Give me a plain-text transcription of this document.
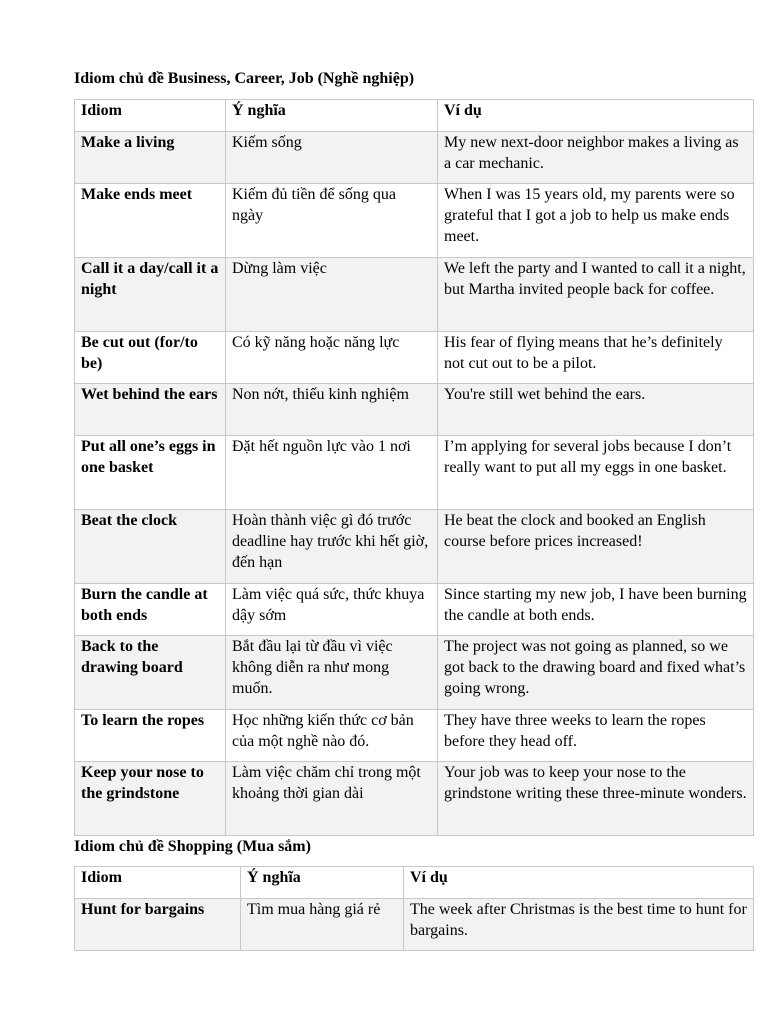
Idiom chủ đề Business, Career, Job (Nghề nghiệp)
Idiom	Ý nghĩa	Ví dụ
Make a living	Kiếm sống	My new next-door neighbor makes a living as a car mechanic.
Make ends meet	Kiếm đủ tiền để sống qua ngày	When I was 15 years old, my parents were so grateful that I got a job to help us make ends meet.
Call it a day/call it a night	Dừng làm việc	We left the party and I wanted to call it a night, but Martha invited people back for coffee.
Be cut out (for/to be)	Có kỹ năng hoặc năng lực	His fear of flying means that he’s definitely not cut out to be a pilot.
Wet behind the ears	Non nớt, thiếu kinh nghiệm	You're still wet behind the ears.
Put all one’s eggs in one basket	Đặt hết nguồn lực vào 1 nơi	I’m applying for several jobs because I don’t really want to put all my eggs in one basket.
Beat the clock	Hoàn thành việc gì đó trước deadline hay trước khi hết giờ, đến hạn	He beat the clock and booked an English course before prices increased!
Burn the candle at both ends	Làm việc quá sức, thức khuya dậy sớm	Since starting my new job, I have been burning the candle at both ends.
Back to the drawing board	Bắt đầu lại từ đầu vì việc không diễn ra như mong muốn.	The project was not going as planned, so we got back to the drawing board and fixed what’s going wrong.
To learn the ropes	Học những kiến thức cơ bản của một nghề nào đó.	They have three weeks to learn the ropes before they head off.
Keep your nose to the grindstone	Làm việc chăm chỉ trong một khoảng thời gian dài	Your job was to keep your nose to the grindstone writing these three-minute wonders.
Idiom chủ đề Shopping (Mua sắm)
Idiom	Ý nghĩa	Ví dụ
Hunt for bargains	Tìm mua hàng giá rẻ	The week after Christmas is the best time to hunt for bargains.
